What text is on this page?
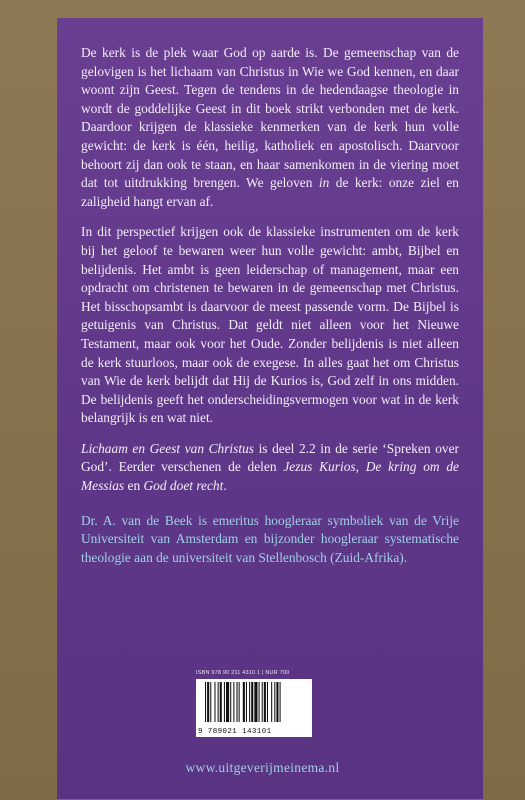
De kerk is de plek waar God op aarde is. De gemeenschap van de gelovigen is het lichaam van Christus in Wie we God kennen, en daar woont zijn Geest. Tegen de tendens in de hedendaagse theologie in wordt de goddelijke Geest in dit boek strikt verbonden met de kerk. Daardoor krijgen de klassieke kenmerken van de kerk hun volle gewicht: de kerk is één, heilig, katholiek en apostolisch. Daarvoor behoort zij dan ook te staan, en haar samenkomen in de viering moet dat tot uitdrukking brengen. We geloven in de kerk: onze ziel en zaligheid hangt ervan af.

In dit perspectief krijgen ook de klassieke instrumenten om de kerk bij het geloof te bewaren weer hun volle gewicht: ambt, Bijbel en belijdenis. Het ambt is geen leiderschap of management, maar een opdracht om christenen te bewaren in de gemeenschap met Christus. Het bisschopsambt is daarvoor de meest passende vorm. De Bijbel is getuigenis van Christus. Dat geldt niet alleen voor het Nieuwe Testament, maar ook voor het Oude. Zonder belijdenis is niet alleen de kerk stuurloos, maar ook de exegese. In alles gaat het om Christus van Wie de kerk belijdt dat Hij de Kurios is, God zelf in ons midden. De belijdenis geeft het onderscheidingsvermogen voor wat in de kerk belangrijk is en wat niet.

Lichaam en Geest van Christus is deel 2.2 in de serie ‘Spreken over God’. Eerder verschenen de delen Jezus Kurios, De kring om de Messias en God doet recht.

Dr. A. van de Beek is emeritus hoogleraar symboliek van de Vrije Universiteit van Amsterdam en bijzonder hoogleraar systematische theologie aan de universiteit van Stellenbosch (Zuid-Afrika).

ISBN 978 90 211 4310 1 | NUR 700
9 789021 143101
www.uitgeverijmeinema.nl
